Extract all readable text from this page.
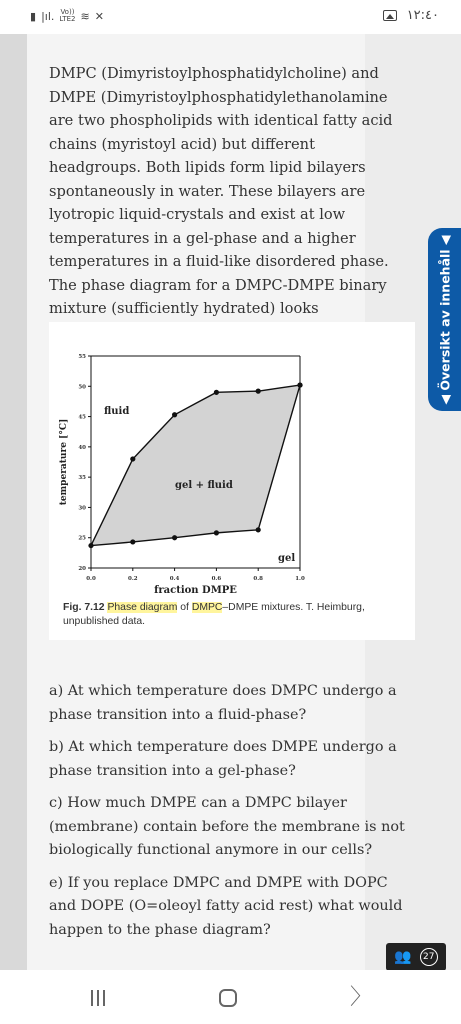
▮ |ıl. Vo))
LTE2 ≋ ✕	١٢:٤٠
DMPC (Dimyristoylphosphatidylcholine) and DMPE (Dimyristoylphosphatidylethanolamine are two phospholipids with identical fatty acid chains (myristoyl acid) but different headgroups. Both lipids form lipid bilayers spontaneously in water. These bilayers are lyotropic liquid-crystals and exist at low temperatures in a gel-phase and a higher temperatures in a fluid-like disordered phase. The phase diagram for a DMPC-DMPE binary mixture (sufficiently hydrated) looks
0.0	0.2	0.4	0.6	0.8	1.0
20
25
30
35
40
45
50
55
fraction DMPE
temperature [°C]
fluid
gel + fluid
gel
Fig. 7.12 Phase diagram of DMPC–DMPE mixtures. T. Heimburg, unpublished data.

a) At which temperature does DMPC undergo a phase transition into a fluid-phase?

b) At which temperature does DMPE undergo a phase transition into a gel-phase?

c) How much DMPE can a DMPC bilayer (membrane) contain before the membrane is not biologically functional anymore in our cells?

e) If you replace DMPC and DMPE with DOPC and DOPE (O=oleoyl fatty acid rest) what would happen to the phase diagram?

◀ Översikt av innehåll ◀
👥	27
〉
